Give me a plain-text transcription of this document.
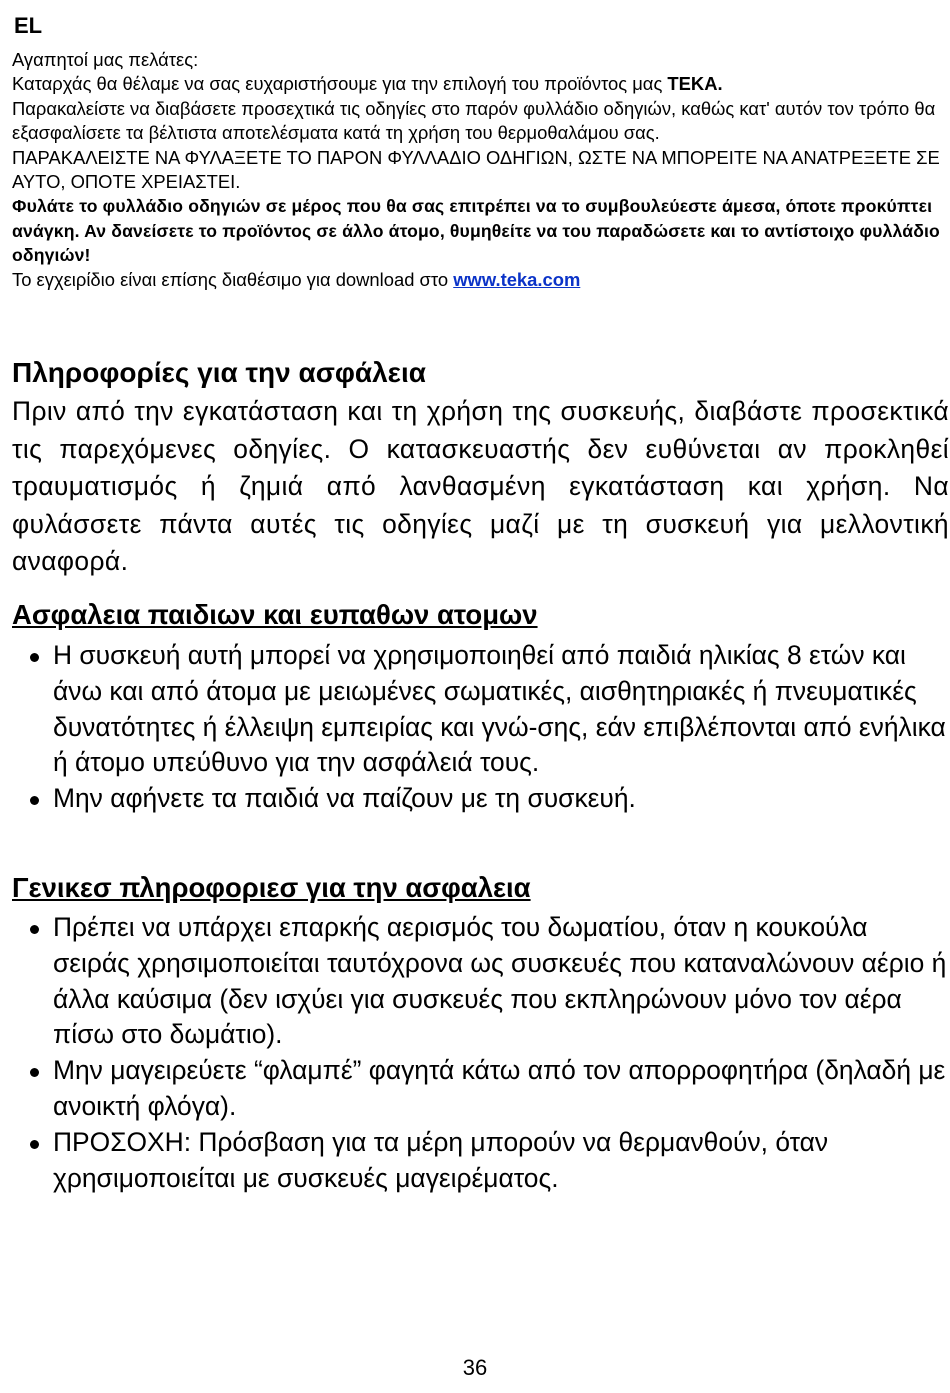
EL

Αγαπητοί μας πελάτες:

Καταρχάς θα θέλαμε να σας ευχαριστήσουμε για την επιλογή του προϊόντος μας TEKA.

Παρακαλείστε να διαβάσετε προσεχτικά τις οδηγίες στο παρόν φυλλάδιο οδηγιών, καθώς κατ' αυτόν τον τρόπο θα εξασφαλίσετε τα βέλτιστα αποτελέσματα κατά τη χρήση του θερμοθαλάμου σας.

ΠΑΡΑΚΑΛΕΙΣΤΕ ΝΑ ΦΥΛΑΞΕΤΕ ΤΟ ΠΑΡΟΝ ΦΥΛΛΑΔΙΟ ΟΔΗΓΙΩΝ, ΩΣΤΕ ΝΑ ΜΠΟΡΕΙΤΕ ΝΑ ΑΝΑΤΡΕΞΕΤΕ ΣΕ ΑΥΤΟ, ΟΠΟΤΕ ΧΡΕΙΑΣΤΕΙ.

Φυλάτε το φυλλάδιο οδηγιών σε μέρος που θα σας επιτρέπει να το συμβουλεύεστε άμεσα, όποτε προκύπτει ανάγκη. Αν δανείσετε το προϊόντος σε άλλο άτομο, θυμηθείτε να του παραδώσετε και το αντίστοιχο φυλλάδιο οδηγιών!

Το εγχειρίδιο είναι επίσης διαθέσιμο για download στο www.teka.com

Πληροφορίες για την ασφάλεια
Πριν από την εγκατάσταση και τη χρήση της συσκευής, διαβάστε προσεκτικά τις παρεχόμενες οδηγίες. Ο κατασκευαστής δεν ευθύνεται αν προκληθεί τραυματισμός ή ζημιά από λανθασμένη εγκατάσταση και χρήση. Να φυλάσσετε πάντα αυτές τις οδηγίες μαζί με τη συσκευή για μελλοντική αναφορά.
Ασφαλεια παιδιων και ευπαθων ατομων
Η συσκευή αυτή μπορεί να χρησιμοποιηθεί από παιδιά ηλικίας 8 ετών και άνω και από άτομα με μειωμένες σωματικές, αισθητηριακές ή πνευματικές δυνατότητες ή έλλειψη εμπειρίας και γνώ-σης, εάν επιβλέπονται από ενήλικα ή άτομο υπεύθυνο για την ασφάλειά τους.
Μην αφήνετε τα παιδιά να παίζουν με τη συσκευή.
Γενικεσ πληροφοριεσ για την ασφαλεια
Πρέπει να υπάρχει επαρκής αερισμός του δωματίου, όταν η κουκούλα σειράς χρησιμοποιείται ταυτόχρονα ως συσκευές που καταναλώνουν αέριο ή άλλα καύσιμα (δεν ισχύει για συσκευές που εκπληρώνουν μόνο τον αέρα πίσω στο δωμάτιο).
Μην μαγειρεύετε “φλαμπέ” φαγητά κάτω από τον απορροφητήρα (δηλαδή με ανοικτή φλόγα).
ΠΡΟΣΟΧΗ: Πρόσβαση για τα μέρη μπορούν να θερμανθούν, όταν χρησιμοποιείται με συσκευές μαγειρέματος.
36
